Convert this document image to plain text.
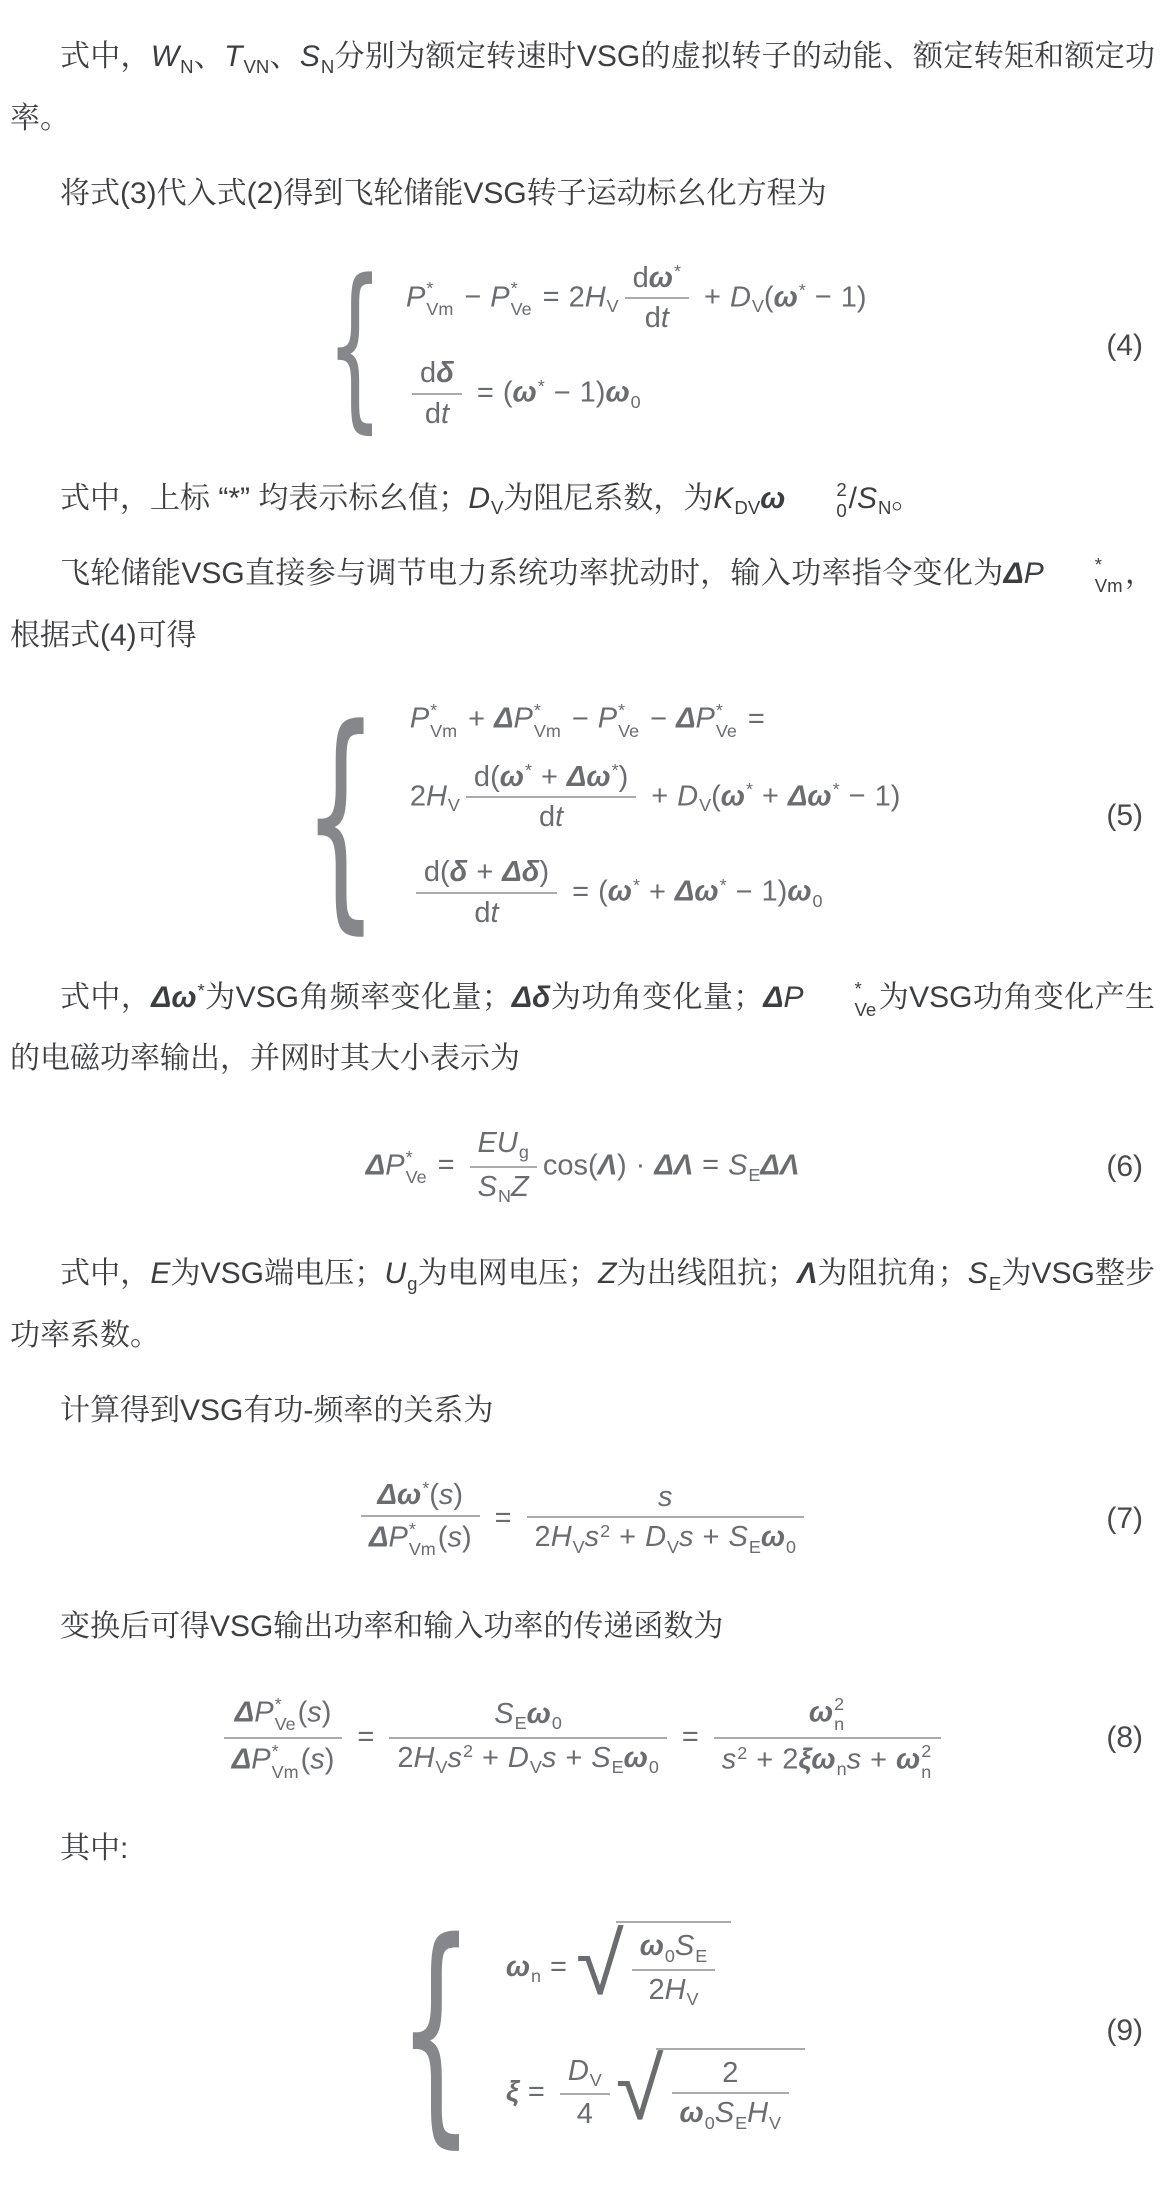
式中，$W_N$、$T_{VN}$、$S_N$分别为额定转速时VSG的虚拟转子的动能、额定转矩和额定功率。

将式(3)代入式(2)得到飞轮储能VSG转子运动标幺化方程为

{ P *
Vm − P *
$Ve = 2H_V \frac{d\omega^*}{dt} + D_V(\omega^* - 1)$
$\frac{d\delta}{dt} = (\omega^* - 1)\omega_0$
(4)

式中，上标 “*” 均表示标幺值；$D_V$为阻尼系数，为$K_{DV}\omega$	2
0 $/S_N$。

飞轮储能VSG直接参与调节电力系统功率扰动时，输入功率指令变化为ΔP	*
Vm ，根据式(4)可得

{ P *
Vm + ΔP *
Vm − P *
Ve − ΔP *
Ve =
$2H_V \frac{d(\omega^* + \Delta\omega^*)}{dt} + D_V(\omega^* + \Delta\omega^* - 1)$
$\frac{d(\delta + \Delta\delta)}{dt} = (\omega^* + \Delta\omega^* - 1)\omega_0$
(5)

式中，Δω*为VSG角频率变化量；Δδ为功角变化量；ΔP	*
Ve 为VSG功角变化产生的电磁功率输出，并网时其大小表示为

ΔP *
$Ve = \frac{EU_g}{S_NZ} \cos(\Lambda) \cdot \Delta\Lambda = S_E\Delta\Lambda$	(6)

式中，E为VSG端电压；$U_g$为电网电压；Z为出线阻抗；Λ为阻抗角；$S_E$为VSG整步功率系数。

计算得到VSG有功-频率的关系为

Δω*(s)
ΔP *
Vm $(s) = \frac{s}{2H_Vs^2 + D_Vs + S_E\omega_0}$	(7)

变换后可得VSG输出功率和输入功率的传递函数为

ΔP *
Ve (s)
ΔP *
Vm $(s) = \frac{S_E\omega_0}{2H_Vs^2 + D_Vs + S_E\omega_0} = \omega$ 2
n
$s^2 + 2\xi\omega_ns + \omega$ 2
n	(8)

其中:

{ $\omega_n$ = √ $\frac{\omega_0S_E}{2H_V}$
$\xi = \frac{D_V}{4}$ √ $\frac{2}{\omega_0S_EH_V}$
(9)
